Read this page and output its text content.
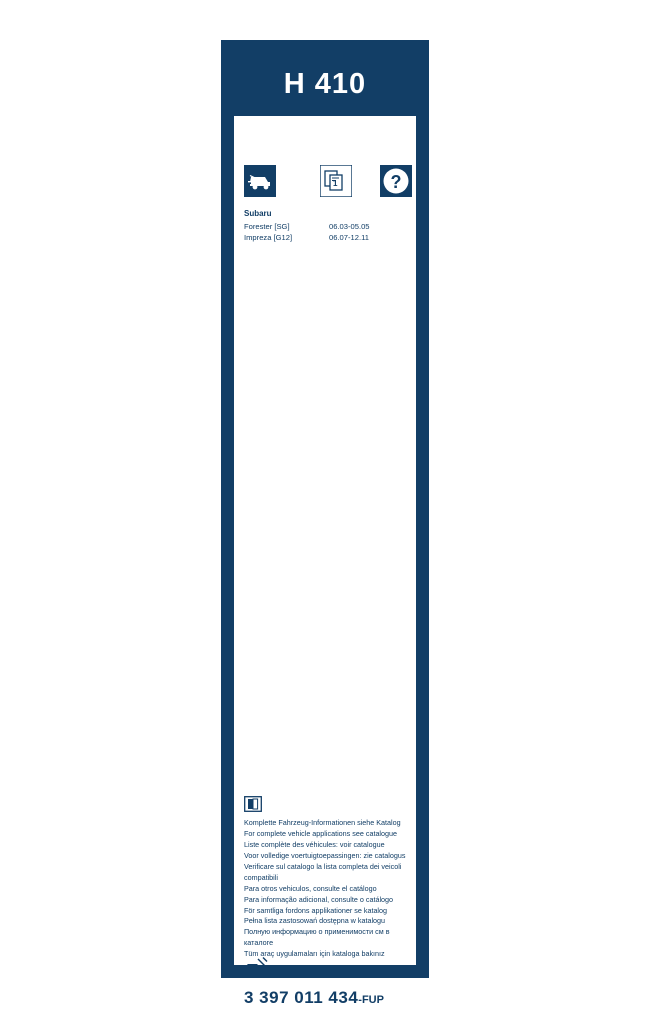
H 410
1	?
Subaru
Forester [SG]	06.03-05.05
Impreza [G12]	06.07-12.11
Komplette Fahrzeug-Informationen siehe Katalog
For complete vehicle applications see catalogue
Liste complète des véhicules: voir catalogue
Voor volledige voertuigtoepassingen: zie catalogus
Verificare sul catalogo la lista completa dei veicoli compatibili
Para otros vehiculos, consulte el catálogo
Para informação adicional, consulte o catálogo
För samtliga fordons applikationer se katalog
Pełna lista zastosowań dostępna w katalogu
Полную информацию о применимости см в каталоге
Tüm araç uygulamaları için kataloga bakınız
3 397 011 434-FUP
